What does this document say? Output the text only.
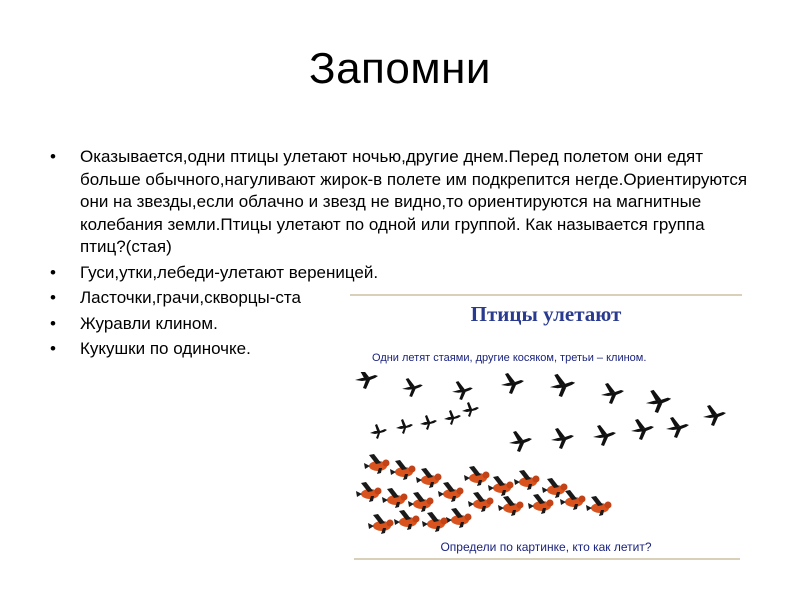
Запомни
• Оказывается,одни птицы улетают ночью,другие днем.Перед полетом они едят больше обычного,нагуливают жирок-в полете им подкрепится негде.Ориентируются они на звезды,если облачно и звезд не видно,то ориентируются на магнитные колебания земли.Птицы улетают по одной или группой. Как называется группа птиц?(стая)
• Гуси,утки,лебеди-улетают вереницей.
• Ласточки,грачи,скворцы-ста
• Журавли клином.
• Кукушки по одиночке.
Птицы улетают
Одни летят стаями, другие косяком, третьи – клином.
Определи по картинке, кто как летит?
